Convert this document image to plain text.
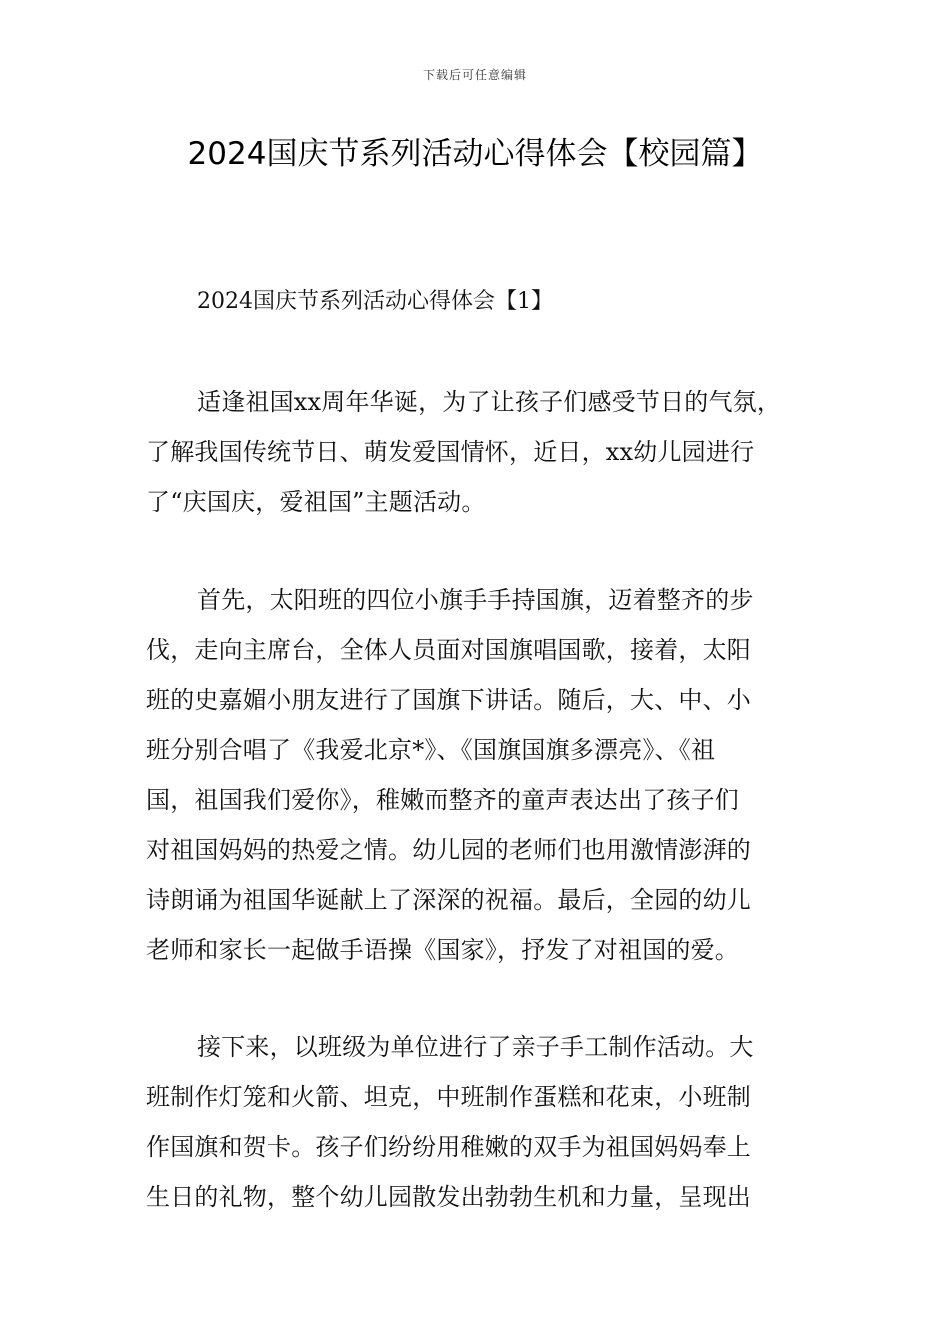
下载后可任意编辑
2024国庆节系列活动心得体会【校园篇】
2024国庆节系列活动心得体会【1】
适逢祖国xx周年华诞，为了让孩子们感受节日的气氛，
了解我国传统节日、萌发爱国情怀，近日，xx幼儿园进行
了“庆国庆，爱祖国”主题活动。
首先，太阳班的四位小旗手手持国旗，迈着整齐的步
伐，走向主席台，全体人员面对国旗唱国歌，接着，太阳
班的史嘉媚小朋友进行了国旗下讲话。随后，大、中、小
班分别合唱了《我爱北京*》、《国旗国旗多漂亮》、《祖
国，祖国我们爱你》，稚嫩而整齐的童声表达出了孩子们
对祖国妈妈的热爱之情。幼儿园的老师们也用激情澎湃的
诗朗诵为祖国华诞献上了深深的祝福。最后，全园的幼儿
老师和家长一起做手语操《国家》，抒发了对祖国的爱。
接下来，以班级为单位进行了亲子手工制作活动。大
班制作灯笼和火箭、坦克，中班制作蛋糕和花束，小班制
作国旗和贺卡。孩子们纷纷用稚嫩的双手为祖国妈妈奉上
生日的礼物，整个幼儿园散发出勃勃生机和力量，呈现出
